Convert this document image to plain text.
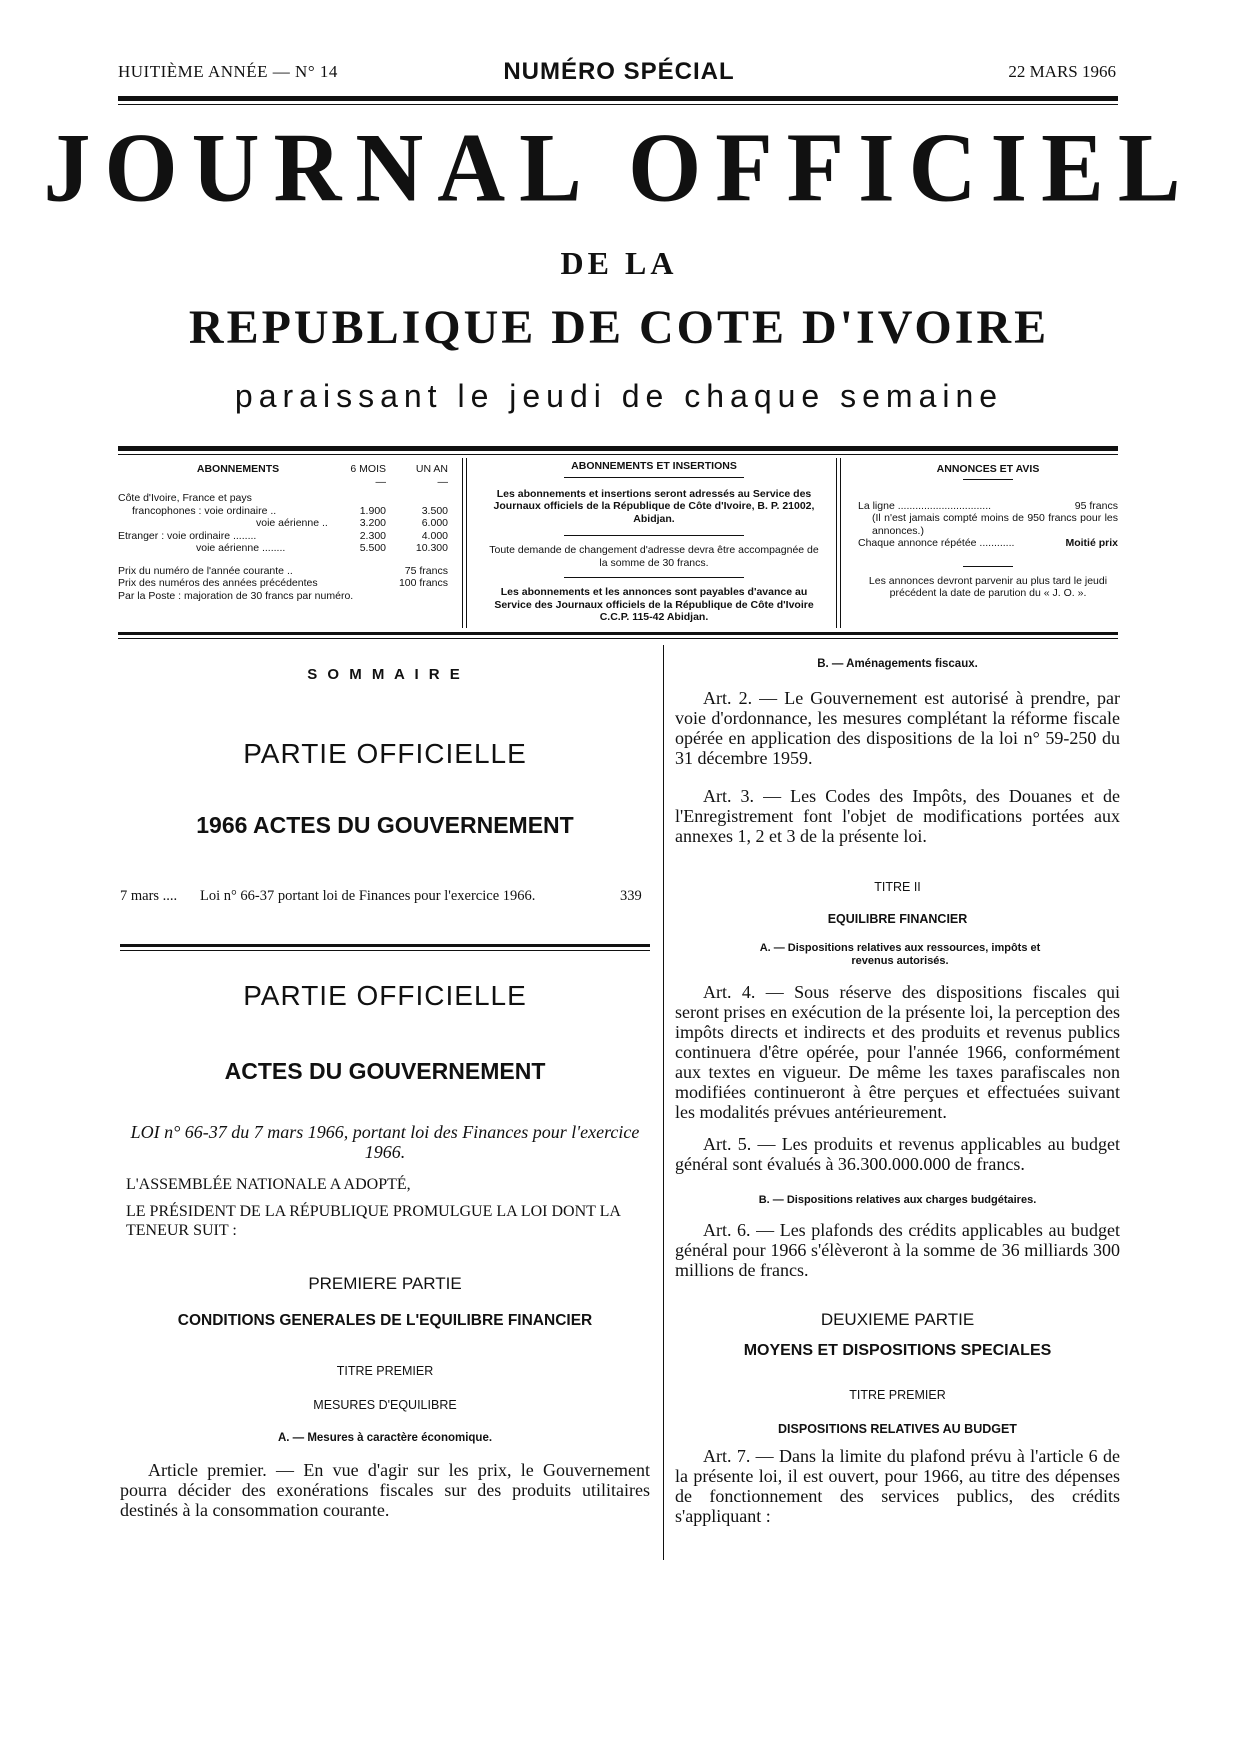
HUITIÈME ANNÉE — N° 14	NUMÉRO SPÉCIAL	22 MARS 1966
JOURNAL OFFICIEL
DE LA
REPUBLIQUE DE COTE D'IVOIRE
paraissant le jeudi de chaque semaine
ABONNEMENTS	6 MOIS	UN AN
—	—
Côte d'Ivoire, France et pays
francophones : voie ordinaire ..	1.900	3.500
voie aérienne ..	3.200	6.000
Etranger : voie ordinaire ........	2.300	4.000
voie aérienne ........	5.500	10.300
Prix du numéro de l'année courante ..	75 francs
Prix des numéros des années précédentes	100 francs
Par la Poste : majoration de 30 francs par numéro.
ABONNEMENTS ET INSERTIONS
Les abonnements et insertions seront adressés au Service des Journaux officiels de la République de Côte d'Ivoire, B. P. 21002, Abidjan.
Toute demande de changement d'adresse devra être accompagnée de la somme de 30 francs.
Les abonnements et les annonces sont payables d'avance au Service des Journaux officiels de la République de Côte d'Ivoire C.C.P. 115-42 Abidjan.
ANNONCES ET AVIS
La ligne ................................	95 francs
(Il n'est jamais compté moins de 950 francs pour les annonces.)
Chaque annonce répétée ............	Moitié prix
Les annonces devront parvenir au plus tard le jeudi précédent la date de parution du « J. O. ».
S O M M A I R E
PARTIE OFFICIELLE
1966 ACTES DU GOUVERNEMENT
7 mars ....	Loi n° 66-37 portant loi de Finances pour l'exercice 1966.	339
PARTIE OFFICIELLE
ACTES DU GOUVERNEMENT
LOI n° 66-37 du 7 mars 1966, portant loi des Finances pour l'exercice 1966.
L'ASSEMBLÉE NATIONALE A ADOPTÉ,
LE PRÉSIDENT DE LA RÉPUBLIQUE PROMULGUE LA LOI DONT LA TENEUR SUIT :
PREMIERE PARTIE
CONDITIONS GENERALES DE L'EQUILIBRE FINANCIER
TITRE PREMIER
MESURES D'EQUILIBRE
A. — Mesures à caractère économique.
Article premier. — En vue d'agir sur les prix, le Gouvernement pourra décider des exonérations fiscales sur des produits utilitaires destinés à la consommation courante.
B. — Aménagements fiscaux.
Art. 2. — Le Gouvernement est autorisé à prendre, par voie d'ordonnance, les mesures complétant la réforme fiscale opérée en application des dispositions de la loi n° 59-250 du 31 décembre 1959.
Art. 3. — Les Codes des Impôts, des Douanes et de l'Enregistrement font l'objet de modifications portées aux annexes 1, 2 et 3 de la présente loi.
TITRE II
EQUILIBRE FINANCIER
A. — Dispositions relatives aux ressources, impôts et revenus autorisés.
Art. 4. — Sous réserve des dispositions fiscales qui seront prises en exécution de la présente loi, la perception des impôts directs et indirects et des produits et revenus publics continuera d'être opérée, pour l'année 1966, conformément aux textes en vigueur. De même les taxes parafiscales non modifiées continueront à être perçues et effectuées suivant les modalités prévues antérieurement.
Art. 5. — Les produits et revenus applicables au budget général sont évalués à 36.300.000.000 de francs.
B. — Dispositions relatives aux charges budgétaires.
Art. 6. — Les plafonds des crédits applicables au budget général pour 1966 s'élèveront à la somme de 36 milliards 300 millions de francs.
DEUXIEME PARTIE
MOYENS ET DISPOSITIONS SPECIALES
TITRE PREMIER
DISPOSITIONS RELATIVES AU BUDGET
Art. 7. — Dans la limite du plafond prévu à l'article 6 de la présente loi, il est ouvert, pour 1966, au titre des dépenses de fonctionnement des services publics, des crédits s'appliquant :
